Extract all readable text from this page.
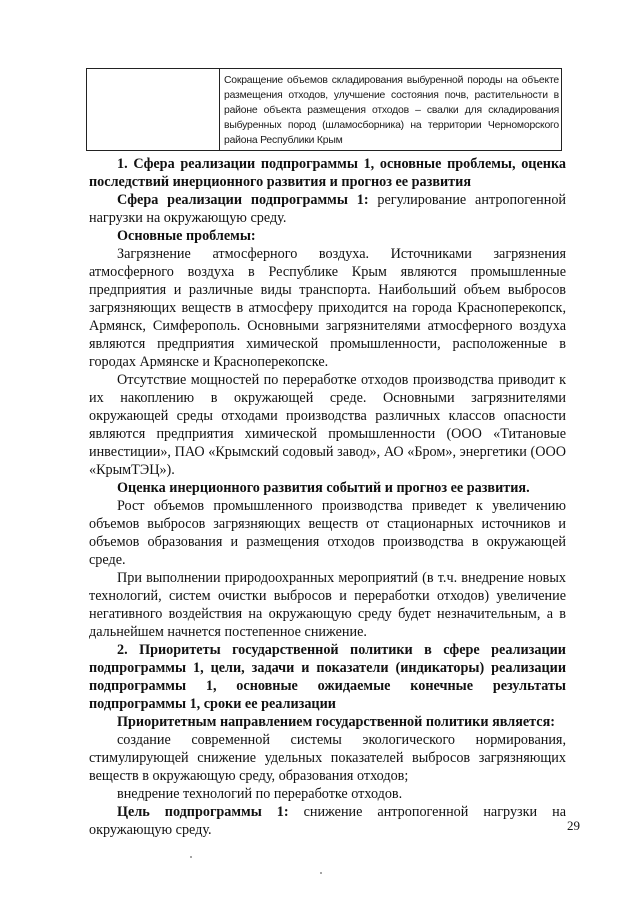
	Сокращение объемов складирования выбуренной породы на объекте размещения отходов, улучшение состояния почв, растительности в районе объекта размещения отходов – свалки для складирования выбуренных пород (шламосборника) на территории Черноморского района Республики Крым

1. Сфера реализации подпрограммы 1, основные проблемы, оценка последствий инерционного развития и прогноз ее развития

Сфера реализации подпрограммы 1: регулирование антропогенной нагрузки на окружающую среду.

Основные проблемы:

Загрязнение атмосферного воздуха. Источниками загрязнения атмосферного воздуха в Республике Крым являются промышленные предприятия и различные виды транспорта. Наибольший объем выбросов загрязняющих веществ в атмосферу приходится на города Красноперекопск, Армянск, Симферополь. Основными загрязнителями атмосферного воздуха являются предприятия химической промышленности, расположенные в городах Армянске и Красноперекопске.

Отсутствие мощностей по переработке отходов производства приводит к их накоплению в окружающей среде. Основными загрязнителями окружающей среды отходами производства различных классов опасности являются предприятия химической промышленности (ООО «Титановые инвестиции», ПАО «Крымский содовый завод», АО «Бром», энергетики (ООО «КрымТЭЦ»).

Оценка инерционного развития событий и прогноз ее развития.

Рост объемов промышленного производства приведет к увеличению объемов выбросов загрязняющих веществ от стационарных источников и объемов образования и размещения отходов производства в окружающей среде.

При выполнении природоохранных мероприятий (в т.ч. внедрение новых технологий, систем очистки выбросов и переработки отходов) увеличение негативного воздействия на окружающую среду будет незначительным, а в дальнейшем начнется постепенное снижение.

2. Приоритеты государственной политики в сфере реализации подпрограммы 1, цели, задачи и показатели (индикаторы) реализации подпрограммы 1, основные ожидаемые конечные результаты подпрограммы 1, сроки ее реализации

Приоритетным направлением государственной политики является:

создание современной системы экологического нормирования, стимулирующей снижение удельных показателей выбросов загрязняющих веществ в окружающую среду, образования отходов;

внедрение технологий по переработке отходов.

Цель подпрограммы 1: снижение антропогенной нагрузки на окружающую среду.	29
